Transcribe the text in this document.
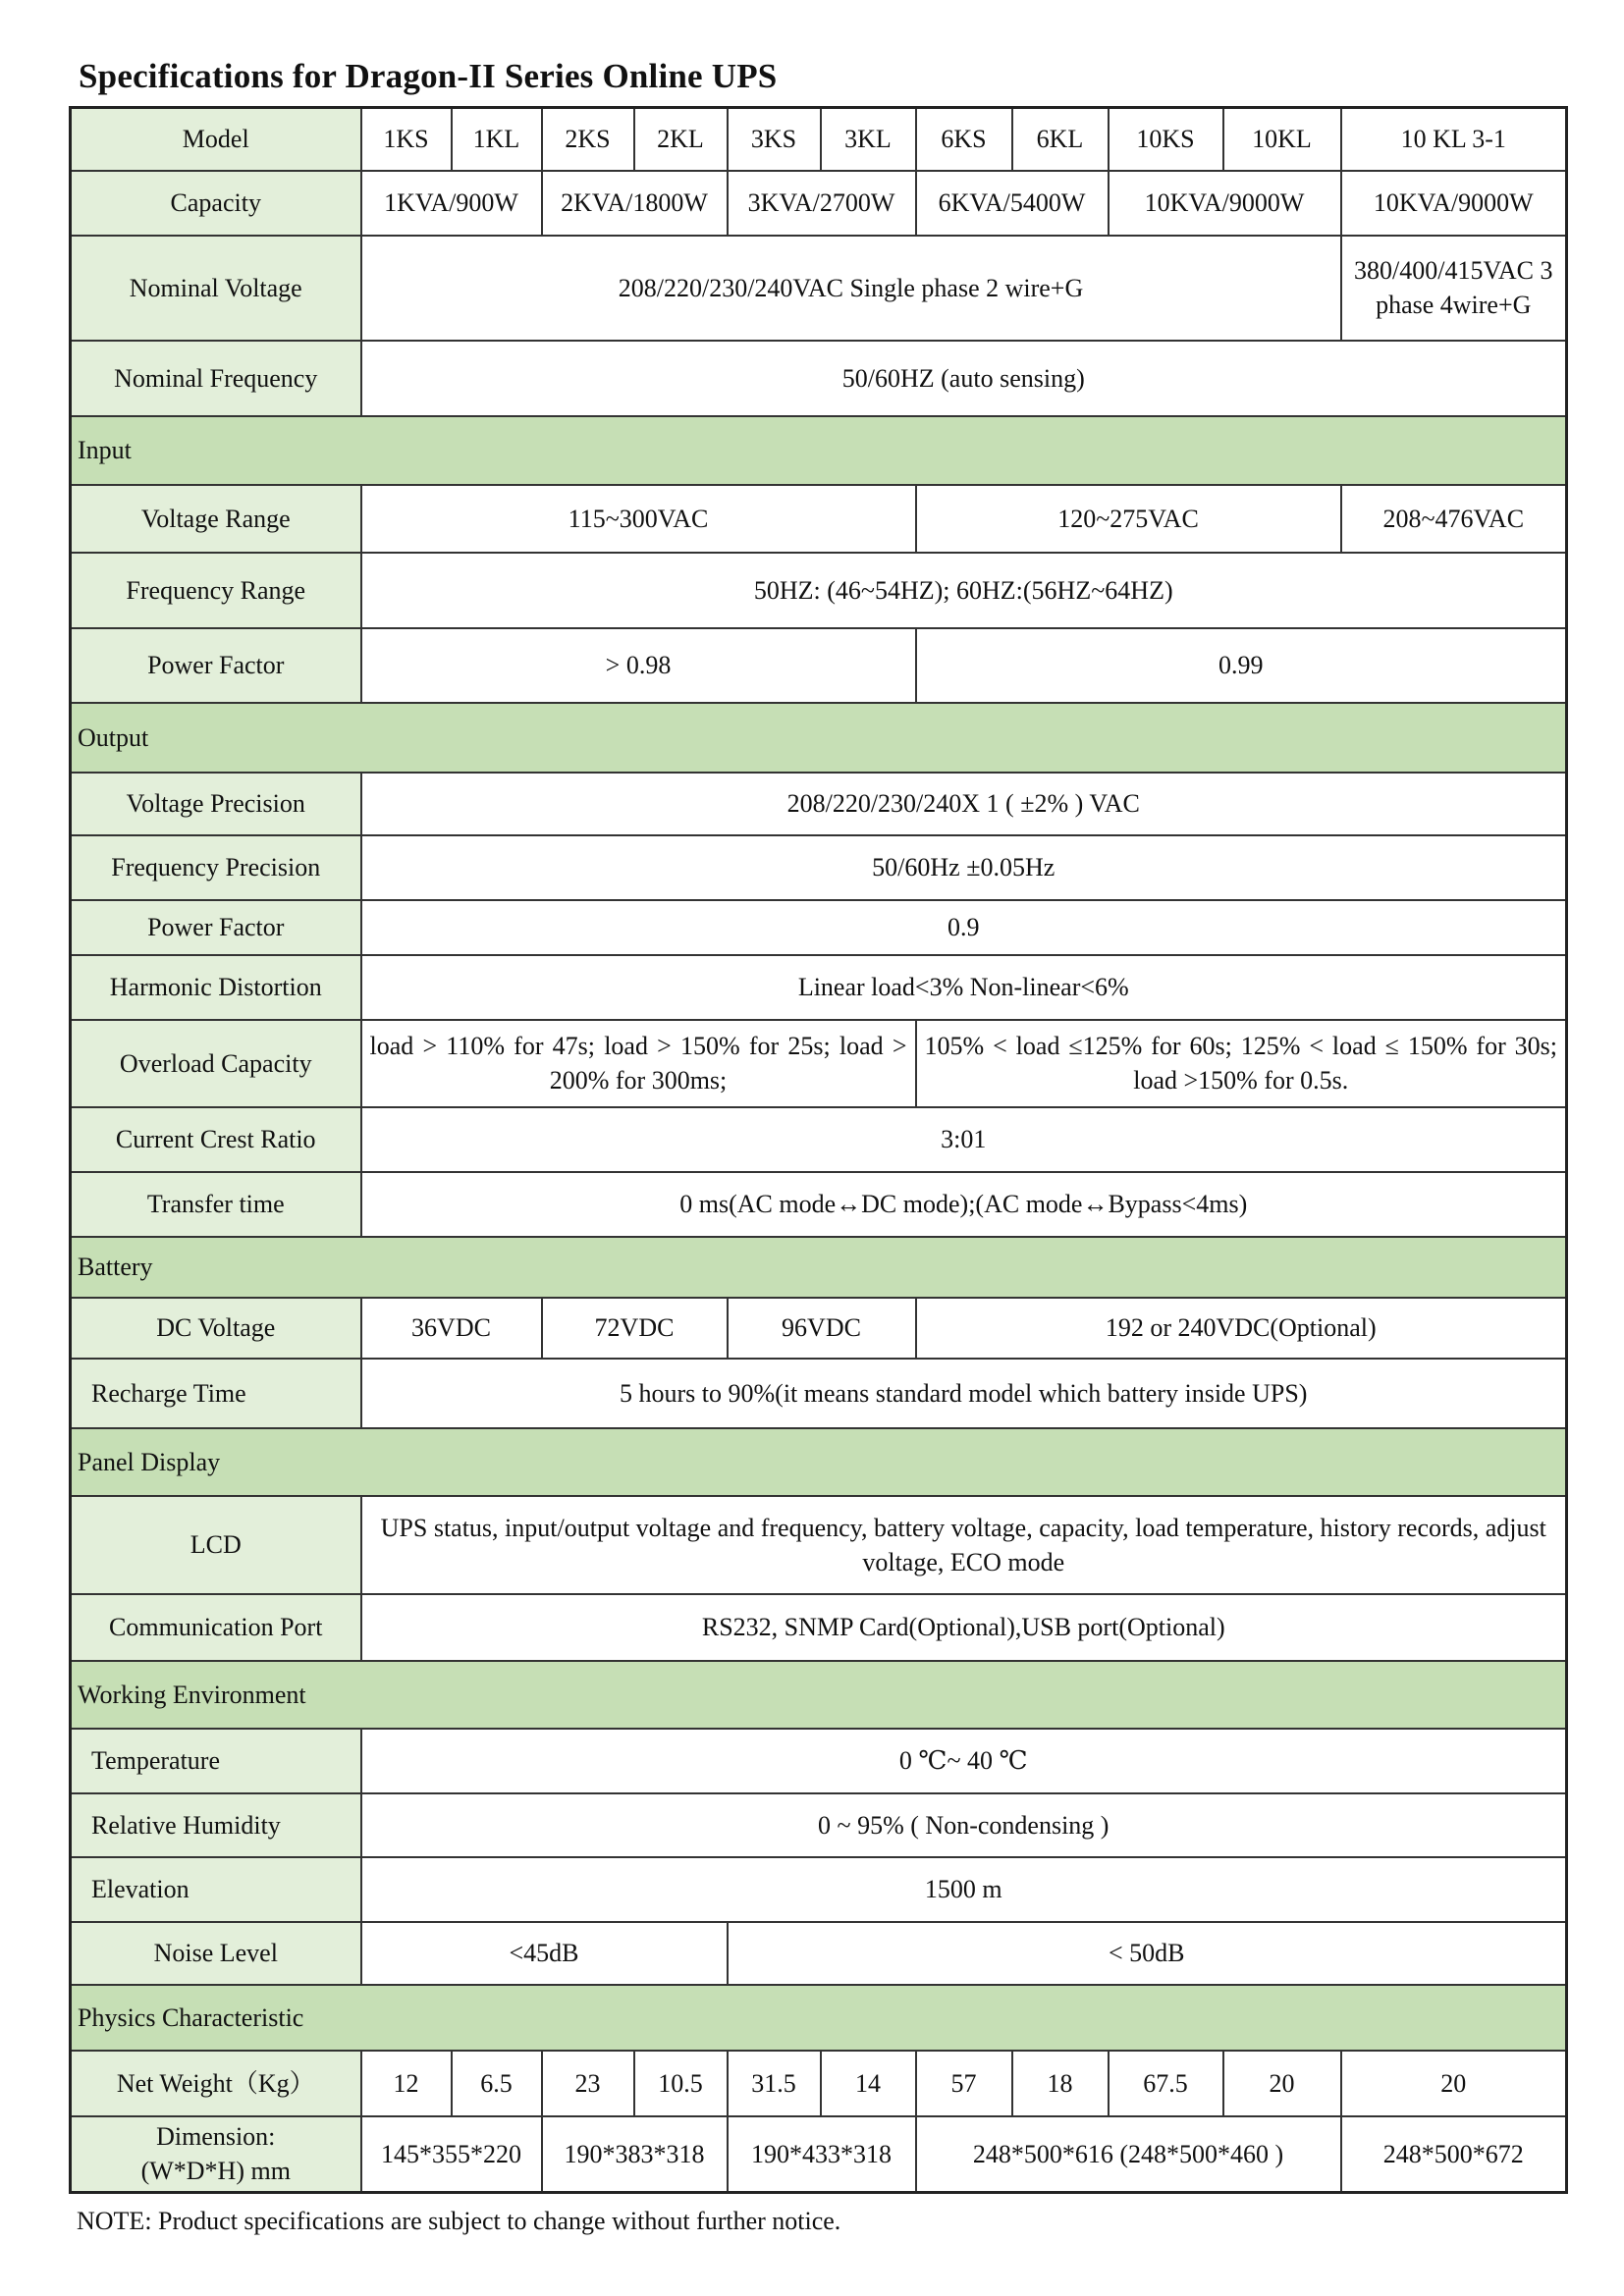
Specifications for Dragon-II Series Online UPS
Model	1KS	1KL	2KS	2KL	3KS	3KL	6KS	6KL	10KS	10KL	10 KL 3-1
Capacity	1KVA/900W		2KVA/1800W		3KVA/2700W		6KVA/5400W		10KVA/9000W		10KVA/9000W
Nominal Voltage	208/220/230/240VAC Single phase 2 wire+G										380/400/415VAC 3 phase 4wire+G
Nominal Frequency	50/60HZ (auto sensing)										
Input											
Voltage Range	115~300VAC						120~275VAC				208~476VAC
Frequency Range	50HZ: (46~54HZ); 60HZ:(56HZ~64HZ)										
Power Factor	> 0.98						0.99				
Output											
Voltage Precision	208/220/230/240X 1 ( ±2% ) VAC										
Frequency Precision	50/60Hz ±0.05Hz										
Power Factor	0.9										
Harmonic Distortion	Linear load<3% Non-linear<6%										
Overload Capacity	load > 110% for 47s; load > 150% for 25s; load > 200% for 300ms;						105% < load ≤125% for 60s; 125% < load ≤ 150% for 30s; load >150% for 0.5s.				
Current Crest Ratio	3:01										
Transfer time	0 ms(AC mode↔DC mode);(AC mode↔Bypass<4ms)										
Battery											
DC Voltage	36VDC		72VDC		96VDC		192 or 240VDC(Optional)				
Recharge Time	5 hours to 90%(it means standard model which battery inside UPS)										
Panel Display											
LCD	UPS status, input/output voltage and frequency, battery voltage, capacity, load temperature, history records, adjust voltage, ECO mode										
Communication Port	RS232, SNMP Card(Optional),USB port(Optional)										
Working Environment											
Temperature	0 ℃~ 40 ℃										
Relative Humidity	0 ~ 95% ( Non-condensing )										
Elevation	1500 m										
Noise Level	<45dB				< 50dB						
Physics Characteristic											
Net Weight（Kg）	12	6.5	23	10.5	31.5	14	57	18	67.5	20	20

Dimension:
(W*D*H) mm	145*355*220		190*383*318		190*433*318		248*500*616 (248*500*460 )				248*500*672

NOTE: Product specifications are subject to change without further notice.
